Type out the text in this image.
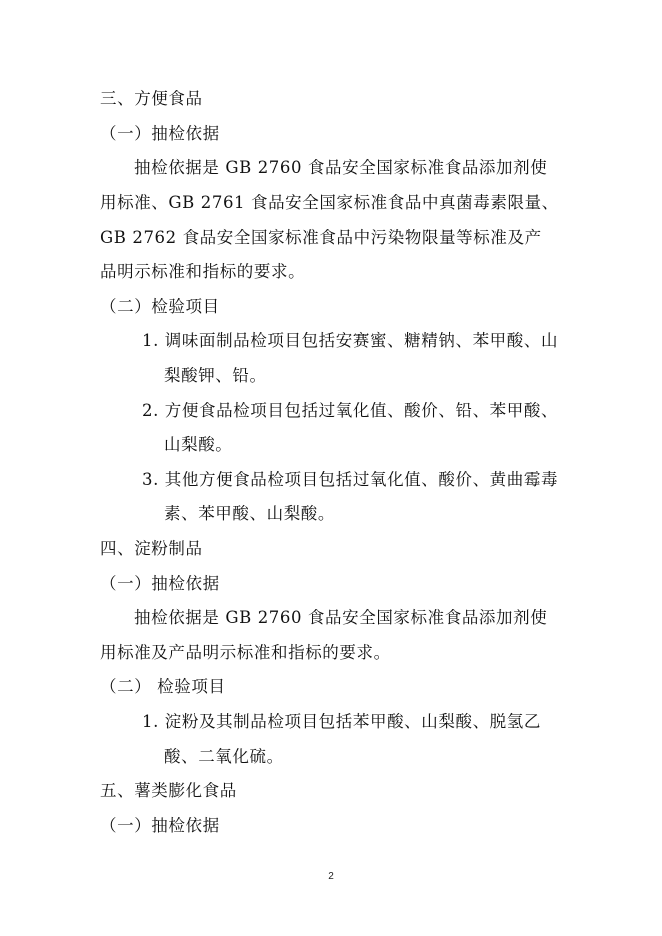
三、方便食品
（一）抽检依据
抽检依据是 GB 2760 食品安全国家标准食品添加剂使
用标准、GB 2761 食品安全国家标准食品中真菌毒素限量、
GB 2762 食品安全国家标准食品中污染物限量等标准及产
品明示标准和指标的要求。
（二）检验项目
1. 调味面制品检项目包括安赛蜜、糖精钠、苯甲酸、山
梨酸钾、铅。
2. 方便食品检项目包括过氧化值、酸价、铅、苯甲酸、
山梨酸。
3. 其他方便食品检项目包括过氧化值、酸价、黄曲霉毒
素、苯甲酸、山梨酸。
四、淀粉制品
（一）抽检依据
抽检依据是 GB 2760 食品安全国家标准食品添加剂使
用标准及产品明示标准和指标的要求。
（二） 检验项目
1. 淀粉及其制品检项目包括苯甲酸、山梨酸、脱氢乙
酸、二氧化硫。
五、薯类膨化食品
（一）抽检依据
2
